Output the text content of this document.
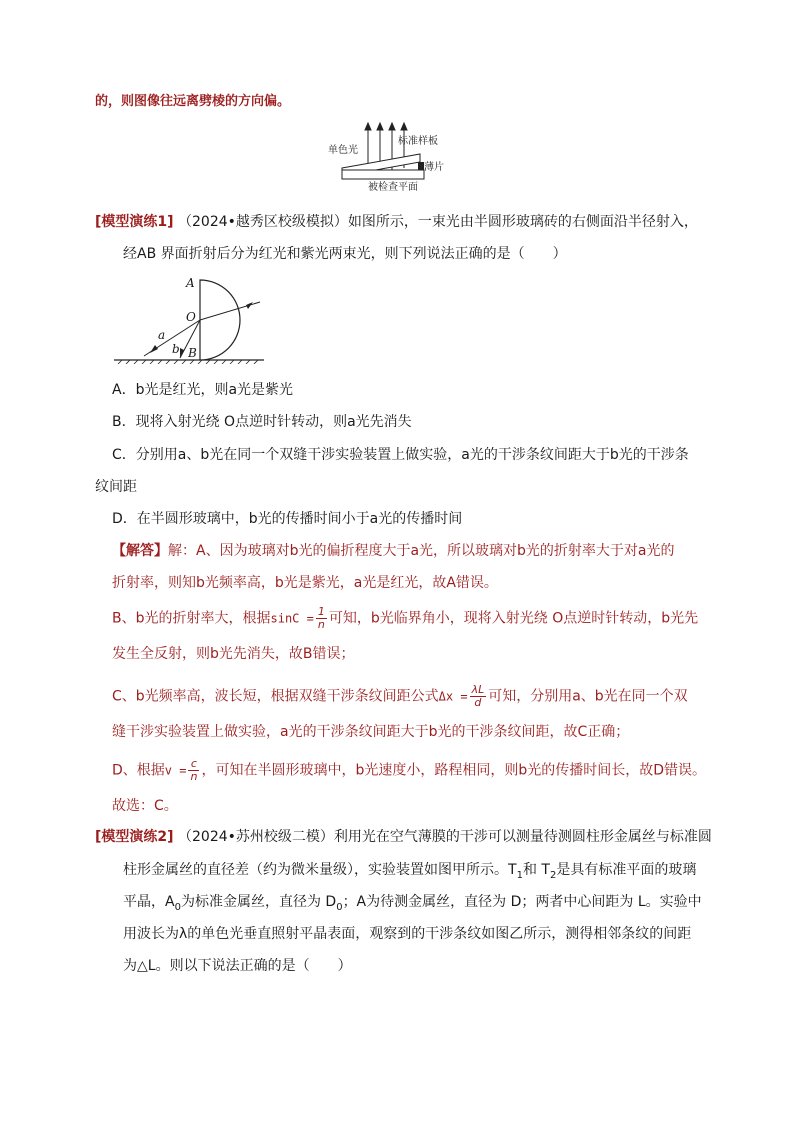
的，则图像往远离劈棱的方向偏。
单色光
标准样板
薄片
被检查平面
[模型演练1] （2024•越秀区校级模拟）如图所示，一束光由半圆形玻璃砖的右侧面沿半径射入，
经AB 界面折射后分为红光和紫光两束光，则下列说法正确的是（　　）
A
O
a
b B
A．b光是红光，则a光是紫光
B．现将入射光绕 O点逆时针转动，则a光先消失
C．分别用a、b光在同一个双缝干涉实验装置上做实验，a光的干涉条纹间距大于b光的干涉条
纹间距
D．在半圆形玻璃中，b光的传播时间小于a光的传播时间
【解答】解：A、因为玻璃对b光的偏折程度大于a光，所以玻璃对b光的折射率大于对a光的
折射率，则知b光频率高，b光是紫光，a光是红光，故A错误。
B、b光的折射率大，根据$\sin C = \frac{1}{n}$ 可知，b光临界角小，现将入射光绕 O点逆时针转动，b光先
发生全反射，则b光先消失，故B错误；
C、b光频率高，波长短，根据双缝干涉条纹间距公式$\Delta x = \frac{\lambda L}{d}$ 可知，分别用a、b光在同一个双
缝干涉实验装置上做实验，a光的干涉条纹间距大于b光的干涉条纹间距，故C正确；
D、根据$v = \frac{c}{n}$ ，可知在半圆形玻璃中，b光速度小，路程相同，则b光的传播时间长，故D错误。
故选：C。
[模型演练2] （2024•苏州校级二模）利用光在空气薄膜的干涉可以测量待测圆柱形金属丝与标准圆
柱形金属丝的直径差（约为微米量级），实验装置如图甲所示。$T_1$和 $T_2$是具有标准平面的玻璃
平晶，$A_0$为标准金属丝，直径为 $D_0$；A为待测金属丝，直径为 D；两者中心间距为 L。实验中
用波长为λ的单色光垂直照射平晶表面，观察到的干涉条纹如图乙所示，测得相邻条纹的间距
为△L。则以下说法正确的是（　　）
